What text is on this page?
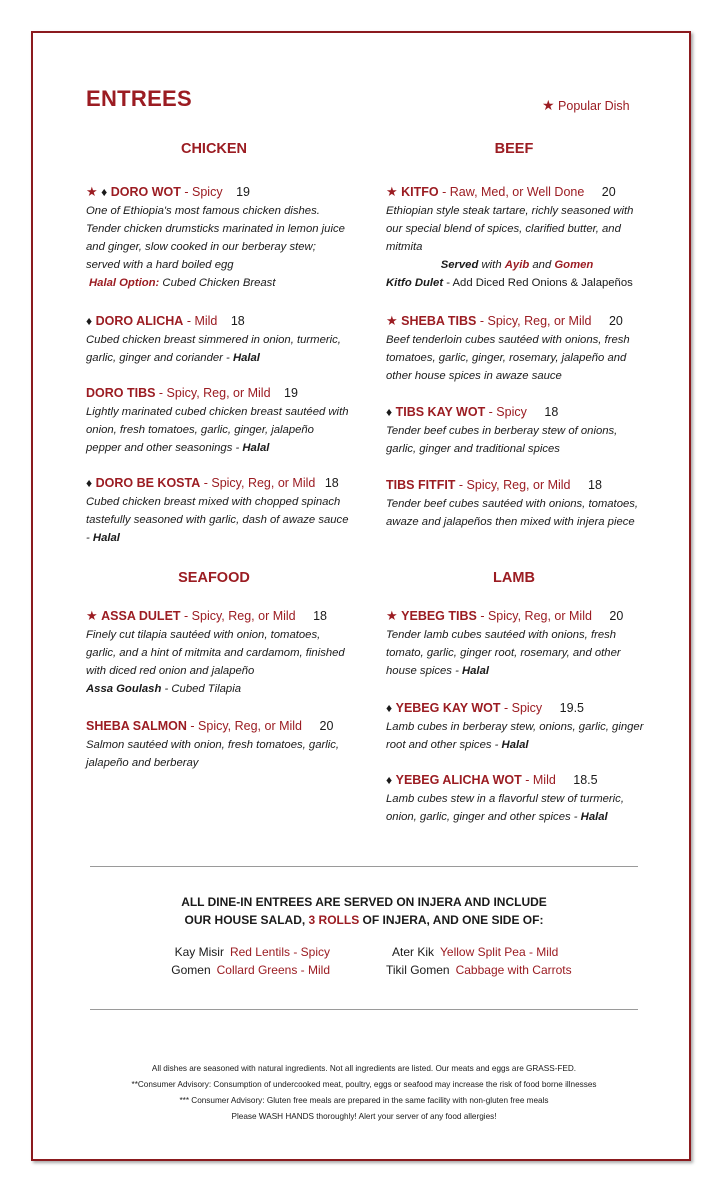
ENTREES	★ Popular Dish
CHICKEN
★ ♦ DORO WOT - Spicy 19
One of Ethiopia's most famous chicken dishes. Tender chicken drumsticks marinated in lemon juice and ginger, slow cooked in our berberay stew; served with a hard boiled egg
Halal Option: Cubed Chicken Breast
♦ DORO ALICHA - Mild 18
Cubed chicken breast simmered in onion, turmeric, garlic, ginger and coriander - Halal
DORO TIBS - Spicy, Reg, or Mild 19
Lightly marinated cubed chicken breast sautéed with onion, fresh tomatoes, garlic, ginger, jalapeño pepper and other seasonings - Halal
♦ DORO BE KOSTA - Spicy, Reg, or Mild 18
Cubed chicken breast mixed with chopped spinach tastefully seasoned with garlic, dash of awaze sauce - Halal
BEEF
★ KITFO - Raw, Med, or Well Done 20
Ethiopian style steak tartare, richly seasoned with our special blend of spices, clarified butter, and mitmita
Served with Ayib and Gomen
Kitfo Dulet - Add Diced Red Onions & Jalapeños
★ SHEBA TIBS - Spicy, Reg, or Mild 20
Beef tenderloin cubes sautéed with onions, fresh tomatoes, garlic, ginger, rosemary, jalapeño and other house spices in awaze sauce
♦ TIBS KAY WOT - Spicy 18
Tender beef cubes in berberay stew of onions, garlic, ginger and traditional spices
TIBS FITFIT - Spicy, Reg, or Mild 18
Tender beef cubes sautéed with onions, tomatoes, awaze and jalapeños then mixed with injera piece
SEAFOOD
★ ASSA DULET - Spicy, Reg, or Mild 18
Finely cut tilapia sautéed with onion, tomatoes, garlic, and a hint of mitmita and cardamom, finished with diced red onion and jalapeño
Assa Goulash - Cubed Tilapia
SHEBA SALMON - Spicy, Reg, or Mild 20
Salmon sautéed with onion, fresh tomatoes, garlic, jalapeño and berberay
LAMB
★ YEBEG TIBS - Spicy, Reg, or Mild 20
Tender lamb cubes sautéed with onions, fresh tomato, garlic, ginger root, rosemary, and other house spices - Halal
♦ YEBEG KAY WOT - Spicy 19.5
Lamb cubes in berberay stew, onions, garlic, ginger root and other spices - Halal
♦ YEBEG ALICHA WOT - Mild 18.5
Lamb cubes stew in a flavorful stew of turmeric, onion, garlic, ginger and other spices - Halal
ALL DINE-IN ENTREES ARE SERVED ON INJERA AND INCLUDE
OUR HOUSE SALAD, 3 ROLLS OF INJERA, AND ONE SIDE OF:
Kay Misir Red Lentils - Spicy
Gomen Collard Greens - Mild
Ater Kik Yellow Split Pea - Mild
Tikil Gomen Cabbage with Carrots
All dishes are seasoned with natural ingredients. Not all ingredients are listed. Our meats and eggs are GRASS-FED.
**Consumer Advisory: Consumption of undercooked meat, poultry, eggs or seafood may increase the risk of food borne illnesses
*** Consumer Advisory: Gluten free meals are prepared in the same facility with non-gluten free meals
Please WASH HANDS thoroughly! Alert your server of any food allergies!
